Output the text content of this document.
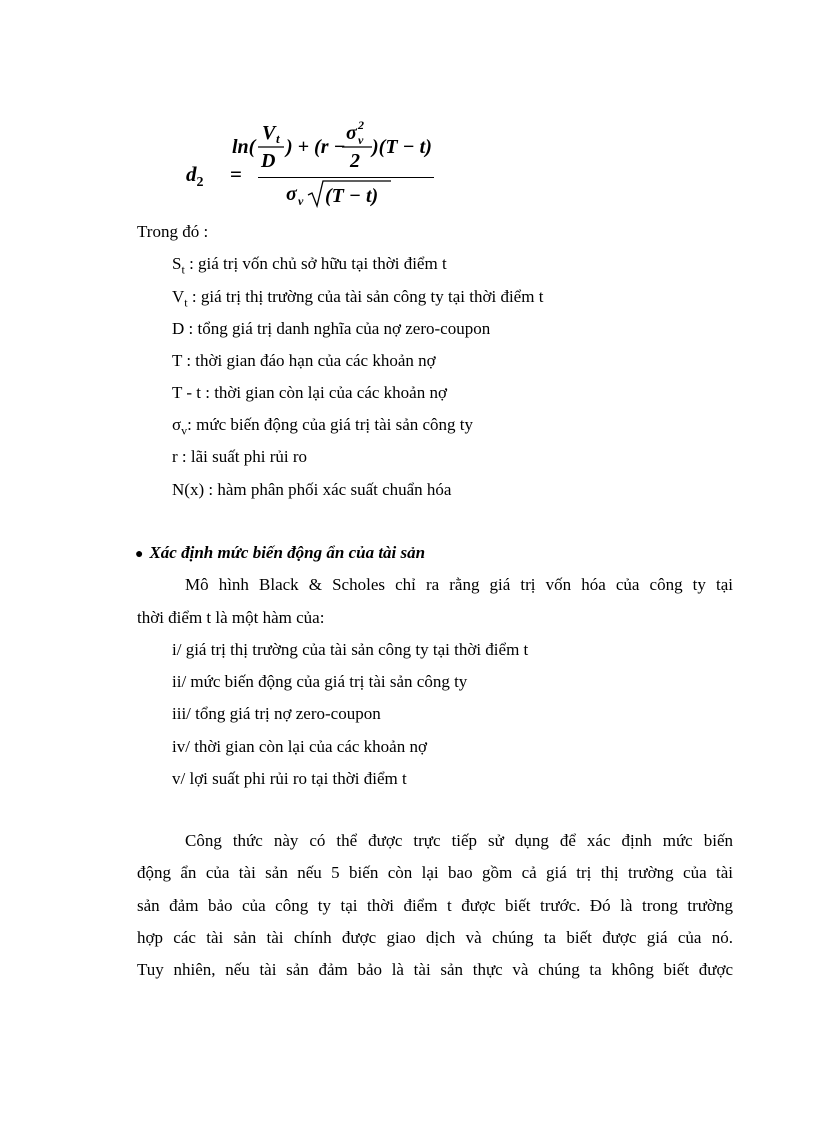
$d_2$ =
ln(
V t
D
) + (r −
σ v
2
2
)(T − t)
σ v (T − t)
Trong đó :
$S_t$ : giá trị vốn chủ sở hữu tại thời điểm t
$V_t$ : giá trị thị trường của tài sản công ty tại thời điểm t
D : tổng giá trị danh nghĩa của nợ zero-coupon
T : thời gian đáo hạn của các khoản nợ
T - t : thời gian còn lại của các khoản nợ
$\sigma_v$: mức biến động của giá trị tài sản công ty
r : lãi suất phi rủi ro
N(x) : hàm phân phối xác suất chuẩn hóa
● Xác định mức biến động ẩn của tài sản
Mô hình Black & Scholes chỉ ra rằng giá trị vốn hóa của công ty tại
thời điểm t là một hàm của:
i/ giá trị thị trường của tài sản công ty tại thời điểm t
ii/ mức biến động của giá trị tài sản công ty
iii/ tổng giá trị nợ zero-coupon
iv/ thời gian còn lại của các khoản nợ
v/ lợi suất phi rủi ro tại thời điểm t
Công thức này có thể được trực tiếp sử dụng để xác định mức biến
động ẩn của tài sản nếu 5 biến còn lại bao gồm cả giá trị thị trường của tài
sản đảm bảo của công ty tại thời điểm t được biết trước. Đó là trong trường
hợp các tài sản tài chính được giao dịch và chúng ta biết được giá của nó.
Tuy nhiên, nếu tài sản đảm bảo là tài sản thực và chúng ta không biết được
